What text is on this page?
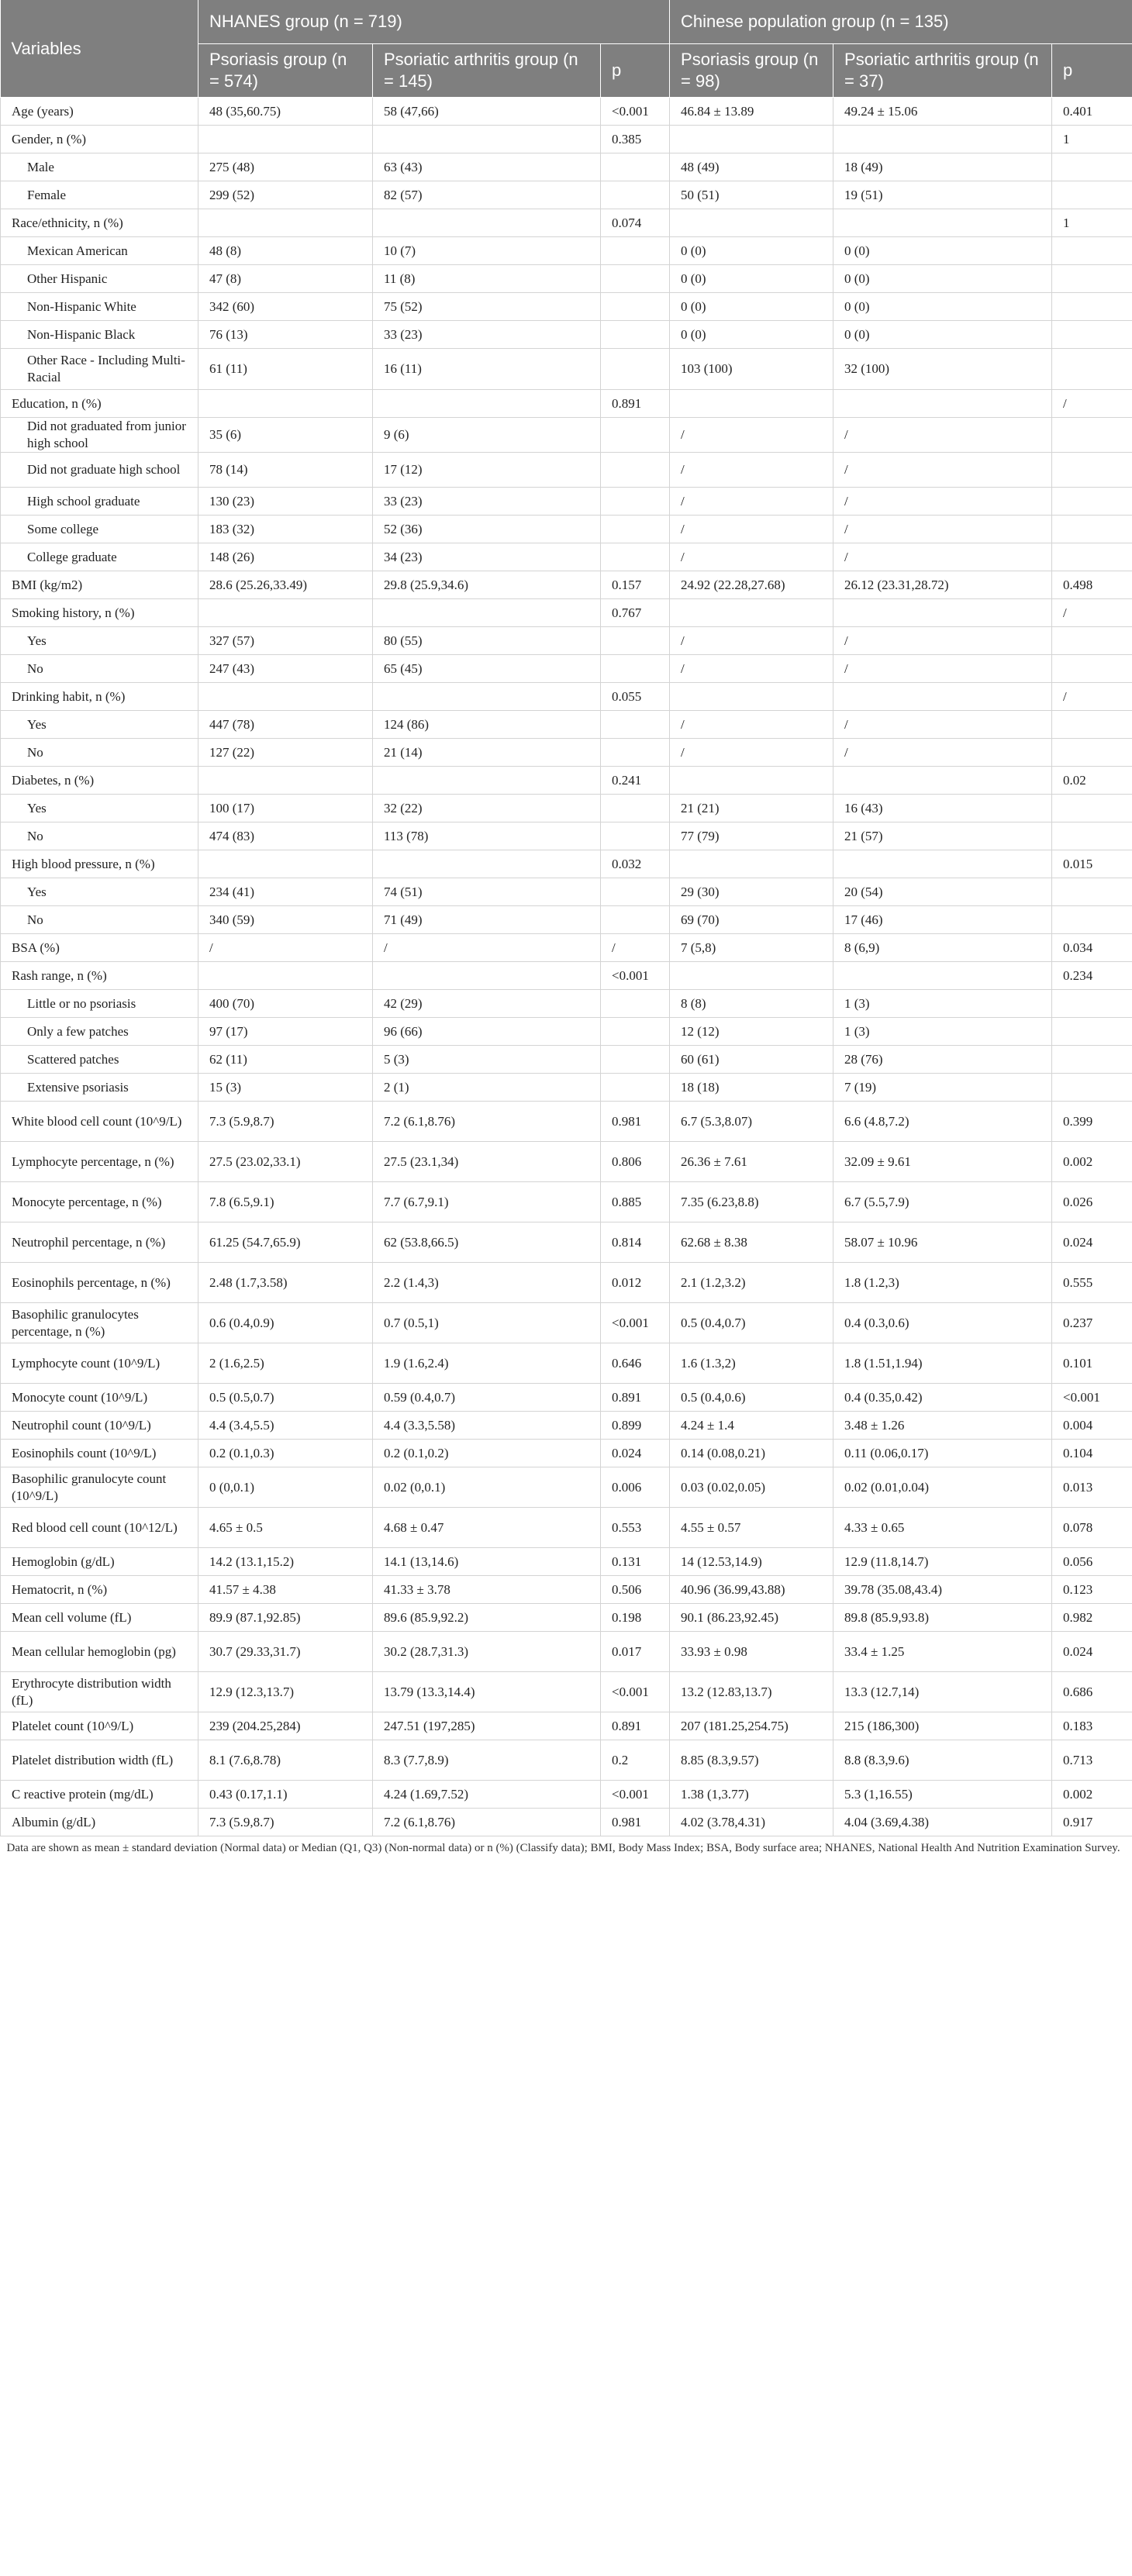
Variables	NHANES group (n = 719)			Chinese population group (n = 135)		
	Psoriasis group (n = 574)	Psoriatic arthritis group (n = 145)	p	Psoriasis group (n = 98)	Psoriatic arthritis group (n = 37)	p
Age (years)	48 (35,60.75)	58 (47,66)	<0.001	46.84 ± 13.89	49.24 ± 15.06	0.401
Gender, n (%)			0.385			1
Male	275 (48)	63 (43)		48 (49)	18 (49)	
Female	299 (52)	82 (57)		50 (51)	19 (51)	
Race/ethnicity, n (%)			0.074			1
Mexican American	48 (8)	10 (7)		0 (0)	0 (0)	
Other Hispanic	47 (8)	11 (8)		0 (0)	0 (0)	
Non-Hispanic White	342 (60)	75 (52)		0 (0)	0 (0)	
Non-Hispanic Black	76 (13)	33 (23)		0 (0)	0 (0)	
Other Race - Including Multi-Racial	61 (11)	16 (11)		103 (100)	32 (100)	
Education, n (%)			0.891			/
Did not graduated from junior high school	35 (6)	9 (6)		/	/	
Did not graduate high school	78 (14)	17 (12)		/	/	
High school graduate	130 (23)	33 (23)		/	/	
Some college	183 (32)	52 (36)		/	/	
College graduate	148 (26)	34 (23)		/	/	
BMI (kg/m2)	28.6 (25.26,33.49)	29.8 (25.9,34.6)	0.157	24.92 (22.28,27.68)	26.12 (23.31,28.72)	0.498
Smoking history, n (%)			0.767			/
Yes	327 (57)	80 (55)		/	/	
No	247 (43)	65 (45)		/	/	
Drinking habit, n (%)			0.055			/
Yes	447 (78)	124 (86)		/	/	
No	127 (22)	21 (14)		/	/	
Diabetes, n (%)			0.241			0.02
Yes	100 (17)	32 (22)		21 (21)	16 (43)	
No	474 (83)	113 (78)		77 (79)	21 (57)	
High blood pressure, n (%)			0.032			0.015
Yes	234 (41)	74 (51)		29 (30)	20 (54)	
No	340 (59)	71 (49)		69 (70)	17 (46)	
BSA (%)	/	/	/	7 (5,8)	8 (6,9)	0.034
Rash range, n (%)			<0.001			0.234
Little or no psoriasis	400 (70)	42 (29)		8 (8)	1 (3)	
Only a few patches	97 (17)	96 (66)		12 (12)	1 (3)	
Scattered patches	62 (11)	5 (3)		60 (61)	28 (76)	
Extensive psoriasis	15 (3)	2 (1)		18 (18)	7 (19)	
White blood cell count (10^9/L)	7.3 (5.9,8.7)	7.2 (6.1,8.76)	0.981	6.7 (5.3,8.07)	6.6 (4.8,7.2)	0.399
Lymphocyte percentage, n (%)	27.5 (23.02,33.1)	27.5 (23.1,34)	0.806	26.36 ± 7.61	32.09 ± 9.61	0.002
Monocyte percentage, n (%)	7.8 (6.5,9.1)	7.7 (6.7,9.1)	0.885	7.35 (6.23,8.8)	6.7 (5.5,7.9)	0.026
Neutrophil percentage, n (%)	61.25 (54.7,65.9)	62 (53.8,66.5)	0.814	62.68 ± 8.38	58.07 ± 10.96	0.024
Eosinophils percentage, n (%)	2.48 (1.7,3.58)	2.2 (1.4,3)	0.012	2.1 (1.2,3.2)	1.8 (1.2,3)	0.555
Basophilic granulocytes percentage, n (%)	0.6 (0.4,0.9)	0.7 (0.5,1)	<0.001	0.5 (0.4,0.7)	0.4 (0.3,0.6)	0.237
Lymphocyte count (10^9/L)	2 (1.6,2.5)	1.9 (1.6,2.4)	0.646	1.6 (1.3,2)	1.8 (1.51,1.94)	0.101
Monocyte count (10^9/L)	0.5 (0.5,0.7)	0.59 (0.4,0.7)	0.891	0.5 (0.4,0.6)	0.4 (0.35,0.42)	<0.001
Neutrophil count (10^9/L)	4.4 (3.4,5.5)	4.4 (3.3,5.58)	0.899	4.24 ± 1.4	3.48 ± 1.26	0.004
Eosinophils count (10^9/L)	0.2 (0.1,0.3)	0.2 (0.1,0.2)	0.024	0.14 (0.08,0.21)	0.11 (0.06,0.17)	0.104
Basophilic granulocyte count (10^9/L)	0 (0,0.1)	0.02 (0,0.1)	0.006	0.03 (0.02,0.05)	0.02 (0.01,0.04)	0.013
Red blood cell count (10^12/L)	4.65 ± 0.5	4.68 ± 0.47	0.553	4.55 ± 0.57	4.33 ± 0.65	0.078
Hemoglobin (g/dL)	14.2 (13.1,15.2)	14.1 (13,14.6)	0.131	14 (12.53,14.9)	12.9 (11.8,14.7)	0.056
Hematocrit, n (%)	41.57 ± 4.38	41.33 ± 3.78	0.506	40.96 (36.99,43.88)	39.78 (35.08,43.4)	0.123
Mean cell volume (fL)	89.9 (87.1,92.85)	89.6 (85.9,92.2)	0.198	90.1 (86.23,92.45)	89.8 (85.9,93.8)	0.982
Mean cellular hemoglobin (pg)	30.7 (29.33,31.7)	30.2 (28.7,31.3)	0.017	33.93 ± 0.98	33.4 ± 1.25	0.024
Erythrocyte distribution width (fL)	12.9 (12.3,13.7)	13.79 (13.3,14.4)	<0.001	13.2 (12.83,13.7)	13.3 (12.7,14)	0.686
Platelet count (10^9/L)	239 (204.25,284)	247.51 (197,285)	0.891	207 (181.25,254.75)	215 (186,300)	0.183
Platelet distribution width (fL)	8.1 (7.6,8.78)	8.3 (7.7,8.9)	0.2	8.85 (8.3,9.57)	8.8 (8.3,9.6)	0.713
C reactive protein (mg/dL)	0.43 (0.17,1.1)	4.24 (1.69,7.52)	<0.001	1.38 (1,3.77)	5.3 (1,16.55)	0.002
Albumin (g/dL)	7.3 (5.9,8.7)	7.2 (6.1,8.76)	0.981	4.02 (3.78,4.31)	4.04 (3.69,4.38)	0.917
Data are shown as mean ± standard deviation (Normal data) or Median (Q1, Q3) (Non-normal data) or n (%) (Classify data); BMI, Body Mass Index; BSA, Body surface area; NHANES, National Health And Nutrition Examination Survey.						
